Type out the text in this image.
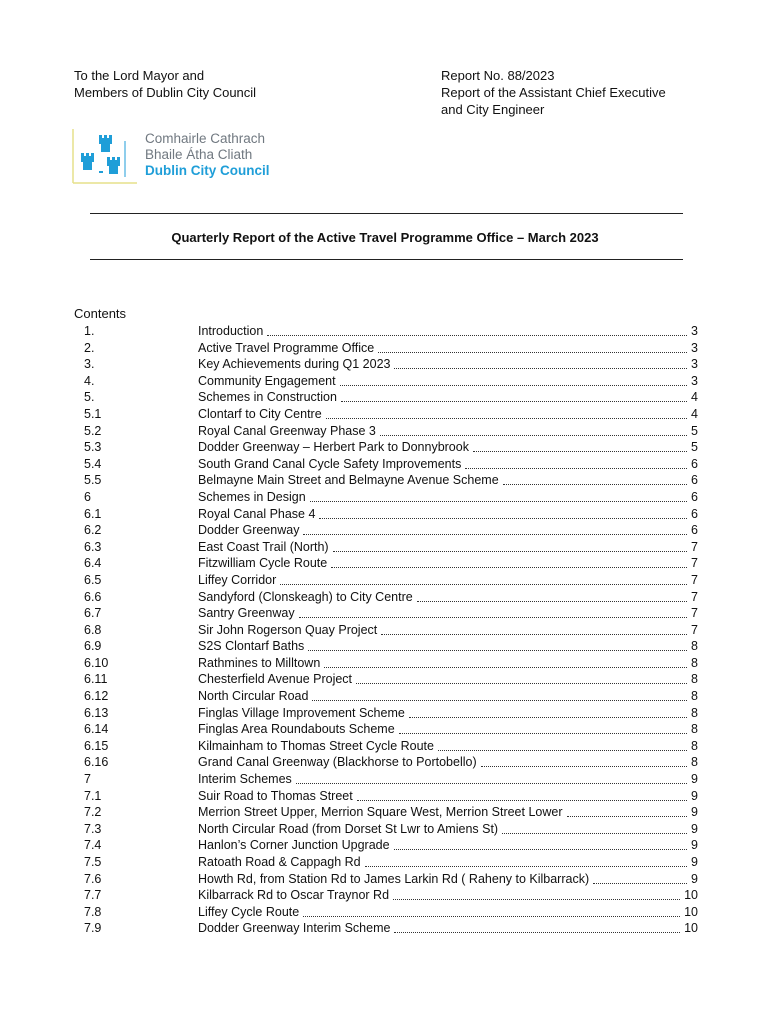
To the Lord Mayor and
Members of Dublin City Council
Report No. 88/2023
Report of the Assistant Chief Executive
and City Engineer
Comhairle Cathrach
Bhaile Átha Cliath
Dublin City Council
Quarterly Report of the Active Travel Programme Office – March 2023
Contents
1.	Introduction	3
2.	Active Travel Programme Office	3
3.	Key Achievements during Q1 2023	3
4.	Community Engagement	3
5.	Schemes in Construction	4
5.1	Clontarf to City Centre	4
5.2	Royal Canal Greenway Phase 3	5
5.3	Dodder Greenway – Herbert Park to Donnybrook	5
5.4	South Grand Canal Cycle Safety Improvements	6
5.5	Belmayne Main Street and Belmayne Avenue Scheme	6
6	Schemes in Design	6
6.1	Royal Canal Phase 4	6
6.2	Dodder Greenway	6
6.3	East Coast Trail (North)	7
6.4	Fitzwilliam Cycle Route	7
6.5	Liffey Corridor	7
6.6	Sandyford (Clonskeagh) to City Centre	7
6.7	Santry Greenway	7
6.8	Sir John Rogerson Quay Project	7
6.9	S2S Clontarf Baths	8
6.10	Rathmines to Milltown	8
6.11	Chesterfield Avenue Project	8
6.12	North Circular Road	8
6.13	Finglas Village Improvement Scheme	8
6.14	Finglas Area Roundabouts Scheme	8
6.15	Kilmainham to Thomas Street Cycle Route	8
6.16	Grand Canal Greenway (Blackhorse to Portobello)	8
7	Interim Schemes	9
7.1	Suir Road to Thomas Street	9
7.2	Merrion Street Upper, Merrion Square West, Merrion Street Lower	9
7.3	North Circular Road (from Dorset St Lwr to Amiens St)	9
7.4	Hanlon’s Corner Junction Upgrade	9
7.5	Ratoath Road & Cappagh Rd	9
7.6	Howth Rd, from Station Rd to James Larkin Rd ( Raheny to Kilbarrack)	9
7.7	Kilbarrack Rd to Oscar Traynor Rd	10
7.8	Liffey Cycle Route	10
7.9	Dodder Greenway Interim Scheme	10
